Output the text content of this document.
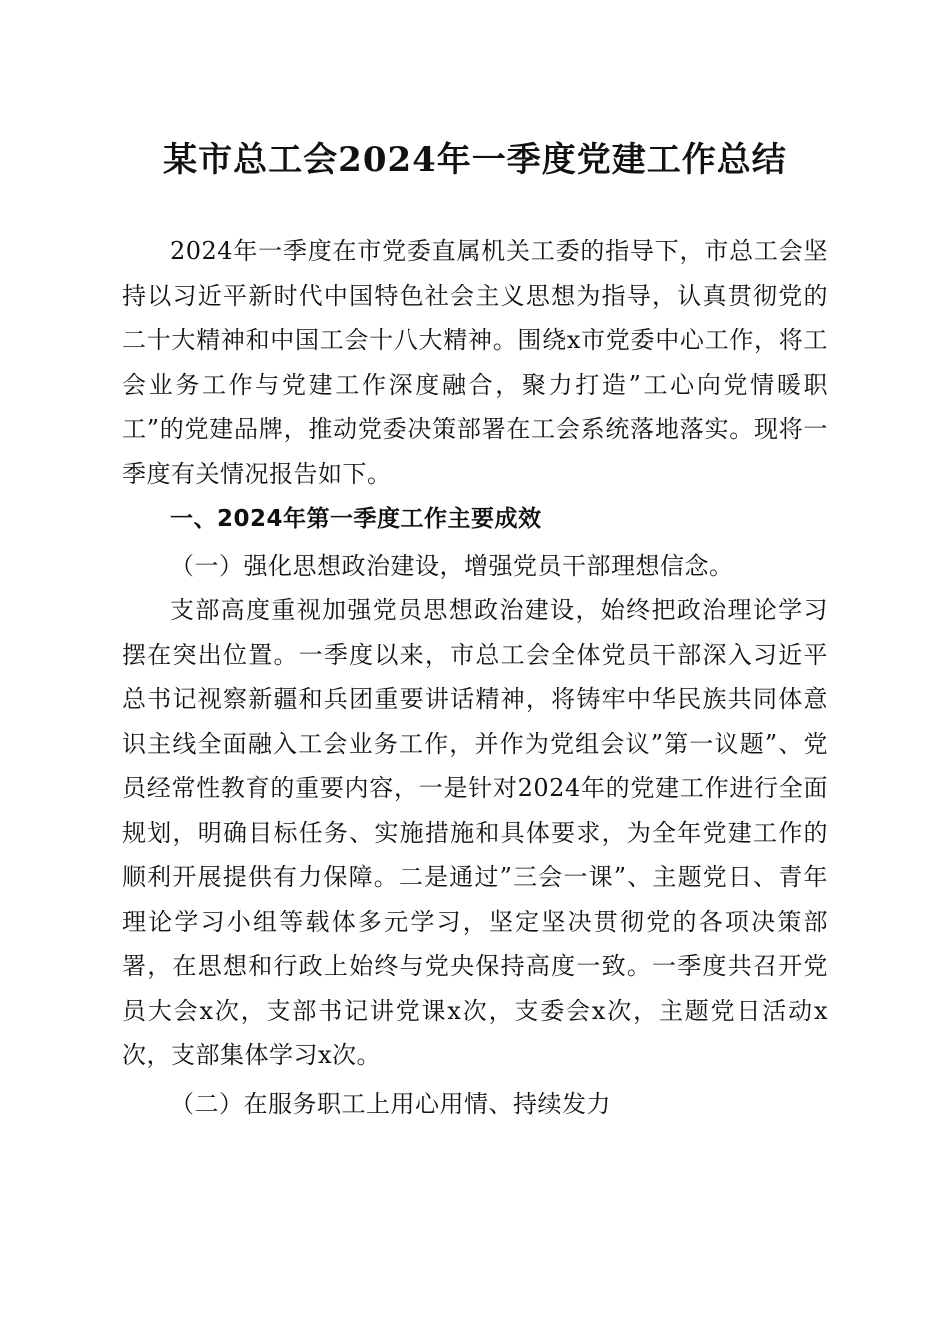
某市总工会2024年一季度党建工作总结

2024年一季度在市党委直属机关工委的指导下，市总工会坚持以习近平新时代中国特色社会主义思想为指导，认真贯彻党的二十大精神和中国工会十八大精神。围绕x市党委中心工作，将工会业务工作与党建工作深度融合，聚力打造”工心向党情暖职工”的党建品牌，推动党委决策部署在工会系统落地落实。现将一季度有关情况报告如下。

一、2024年第一季度工作主要成效

（一）强化思想政治建设，增强党员干部理想信念。

支部高度重视加强党员思想政治建设，始终把政治理论学习摆在突出位置。一季度以来，市总工会全体党员干部深入习近平总书记视察新疆和兵团重要讲话精神，将铸牢中华民族共同体意识主线全面融入工会业务工作，并作为党组会议”第一议题”、党员经常性教育的重要内容，一是针对2024年的党建工作进行全面规划，明确目标任务、实施措施和具体要求，为全年党建工作的顺利开展提供有力保障。二是通过”三会一课”、主题党日、青年理论学习小组等载体多元学习，坚定坚决贯彻党的各项决策部署，在思想和行政上始终与党央保持高度一致。一季度共召开党员大会x次，支部书记讲党课x次，支委会x次，主题党日活动x次，支部集体学习x次。

（二）在服务职工上用心用情、持续发力
